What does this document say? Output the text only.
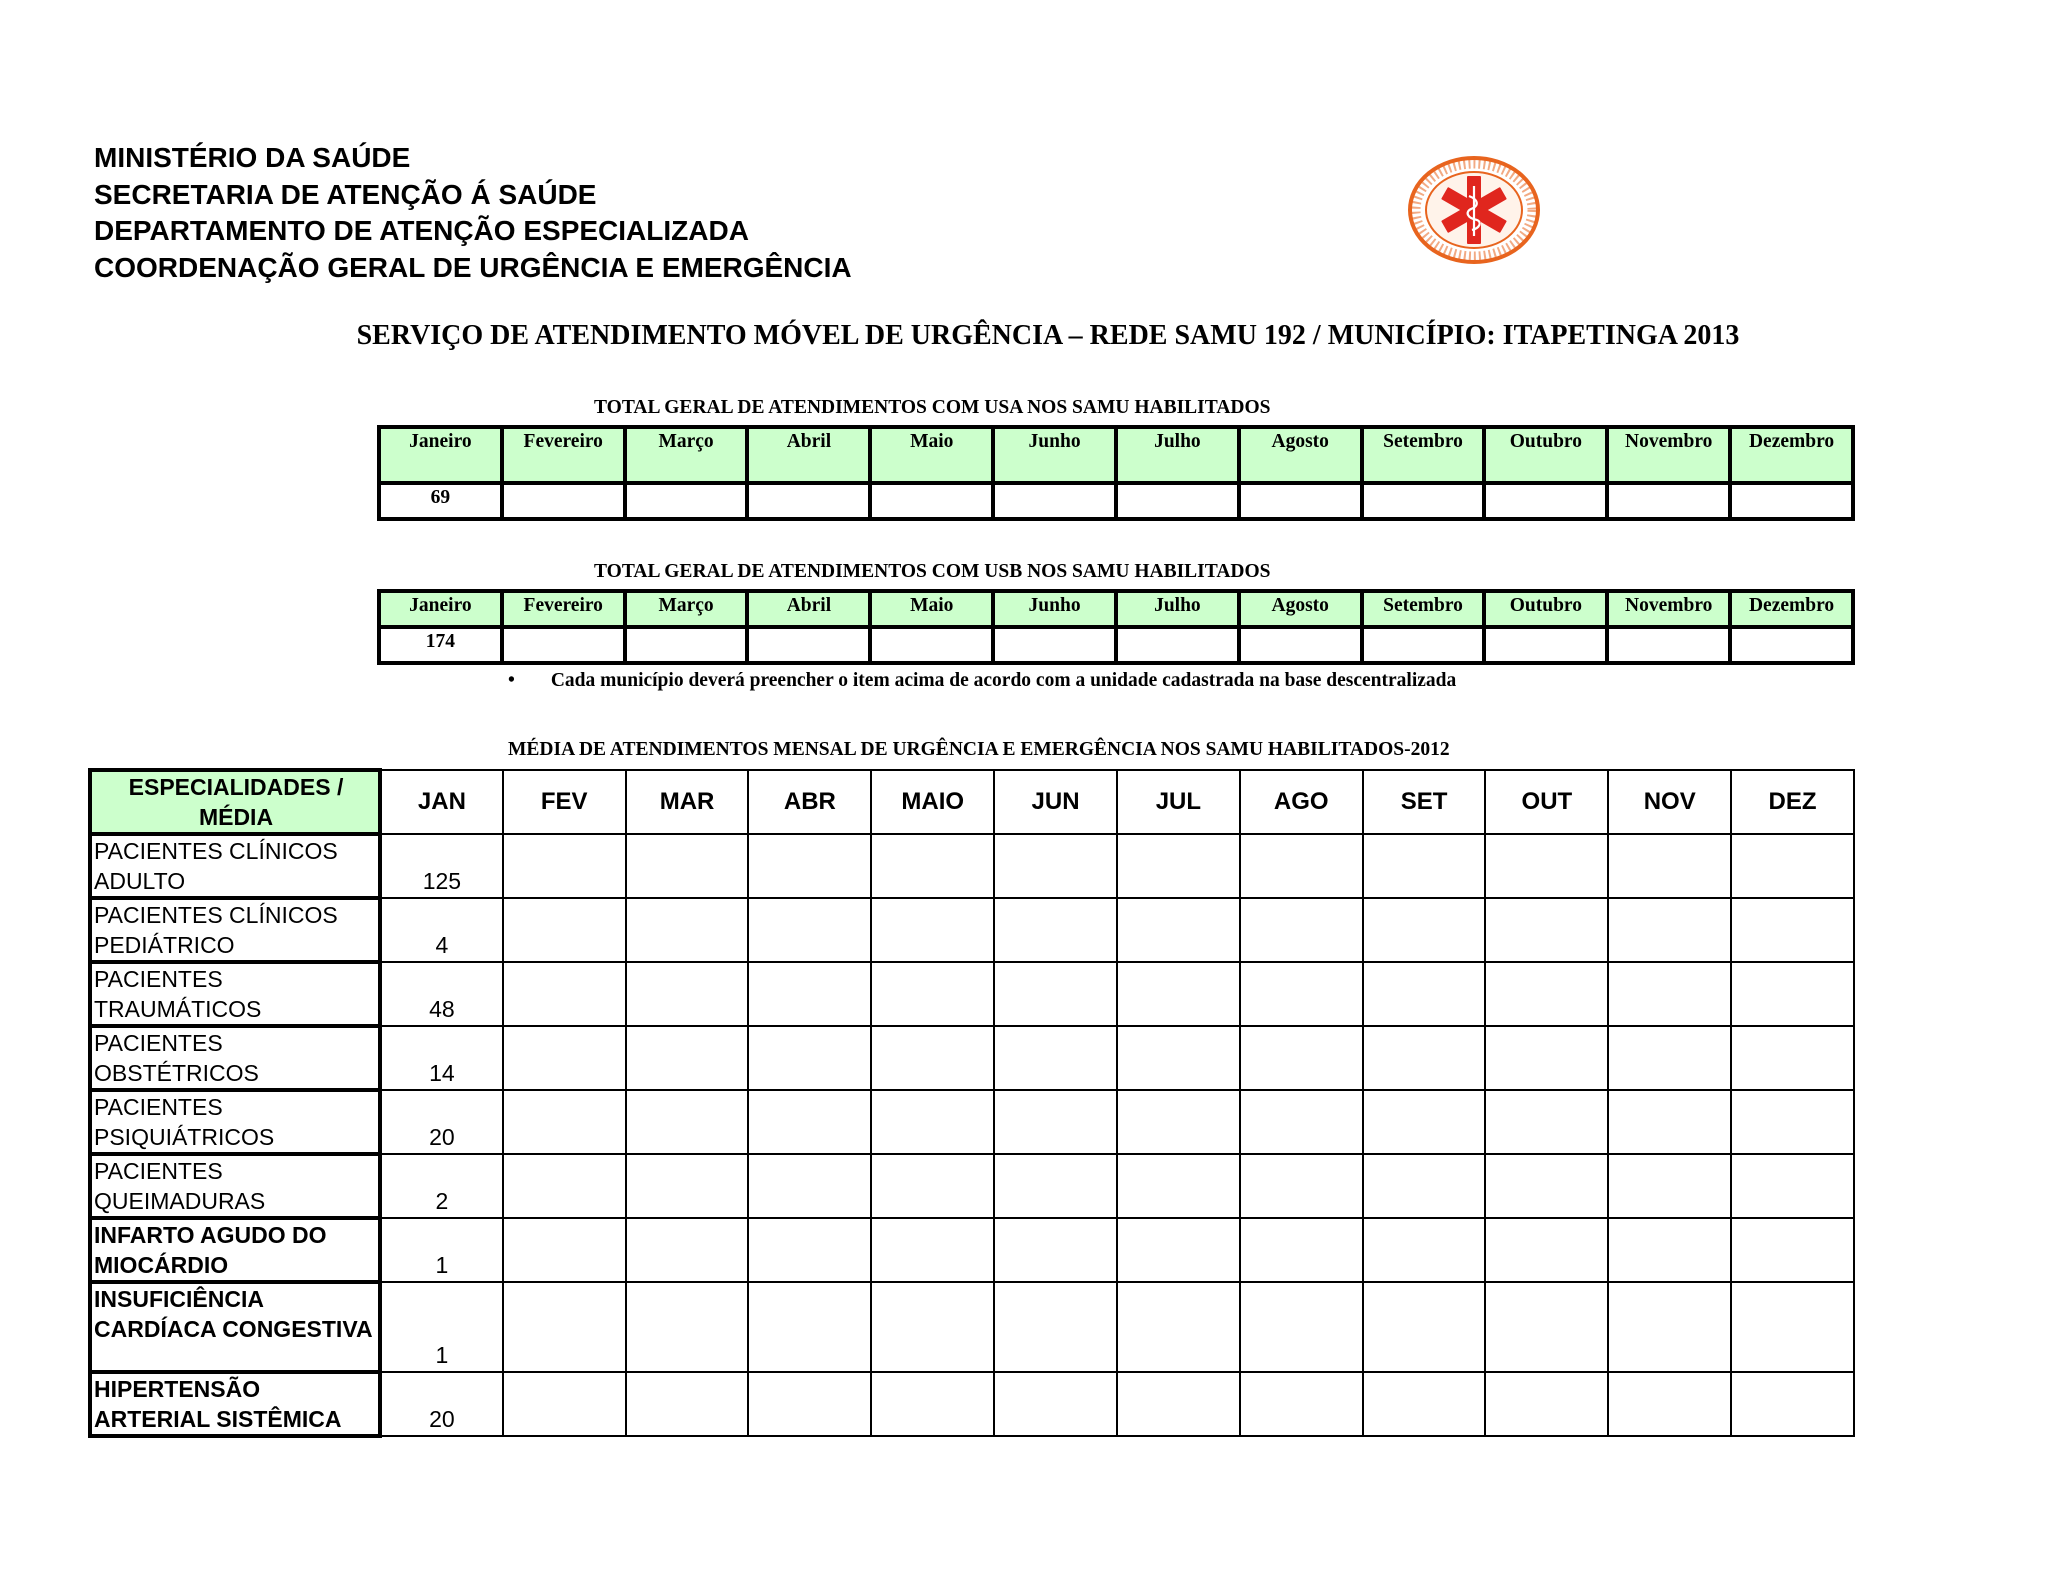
MINISTÉRIO DA SAÚDE
SECRETARIA DE ATENÇÃO Á SAÚDE
DEPARTAMENTO DE ATENÇÃO ESPECIALIZADA
COORDENAÇÃO GERAL DE URGÊNCIA E EMERGÊNCIA
SERVIÇO DE ATENDIMENTO MÓVEL DE URGÊNCIA – REDE SAMU 192 / MUNICÍPIO: ITAPETINGA 2013
TOTAL GERAL DE ATENDIMENTOS COM USA NOS SAMU HABILITADOS
Janeiro	Fevereiro	Março	Abril	Maio	Junho	Julho	Agosto	Setembro	Outubro	Novembro	Dezembro
69											
TOTAL GERAL DE ATENDIMENTOS COM USB NOS SAMU HABILITADOS
Janeiro	Fevereiro	Março	Abril	Maio	Junho	Julho	Agosto	Setembro	Outubro	Novembro	Dezembro
174											
• Cada município deverá preencher o item acima de acordo com a unidade cadastrada na base descentralizada
MÉDIA DE ATENDIMENTOS MENSAL DE URGÊNCIA E EMERGÊNCIA NOS SAMU HABILITADOS-2012
ESPECIALIDADES / MÉDIA	JAN	FEV	MAR	ABR	MAIO	JUN	JUL	AGO	SET	OUT	NOV	DEZ
PACIENTES CLÍNICOS ADULTO	125											
PACIENTES CLÍNICOS PEDIÁTRICO	4											
PACIENTES TRAUMÁTICOS	48											
PACIENTES OBSTÉTRICOS	14											
PACIENTES PSIQUIÁTRICOS	20											
PACIENTES QUEIMADURAS	2											
INFARTO AGUDO DO MIOCÁRDIO	1											
INSUFICIÊNCIA CARDÍACA CONGESTIVA	1											
HIPERTENSÃO ARTERIAL SISTÊMICA	20											
